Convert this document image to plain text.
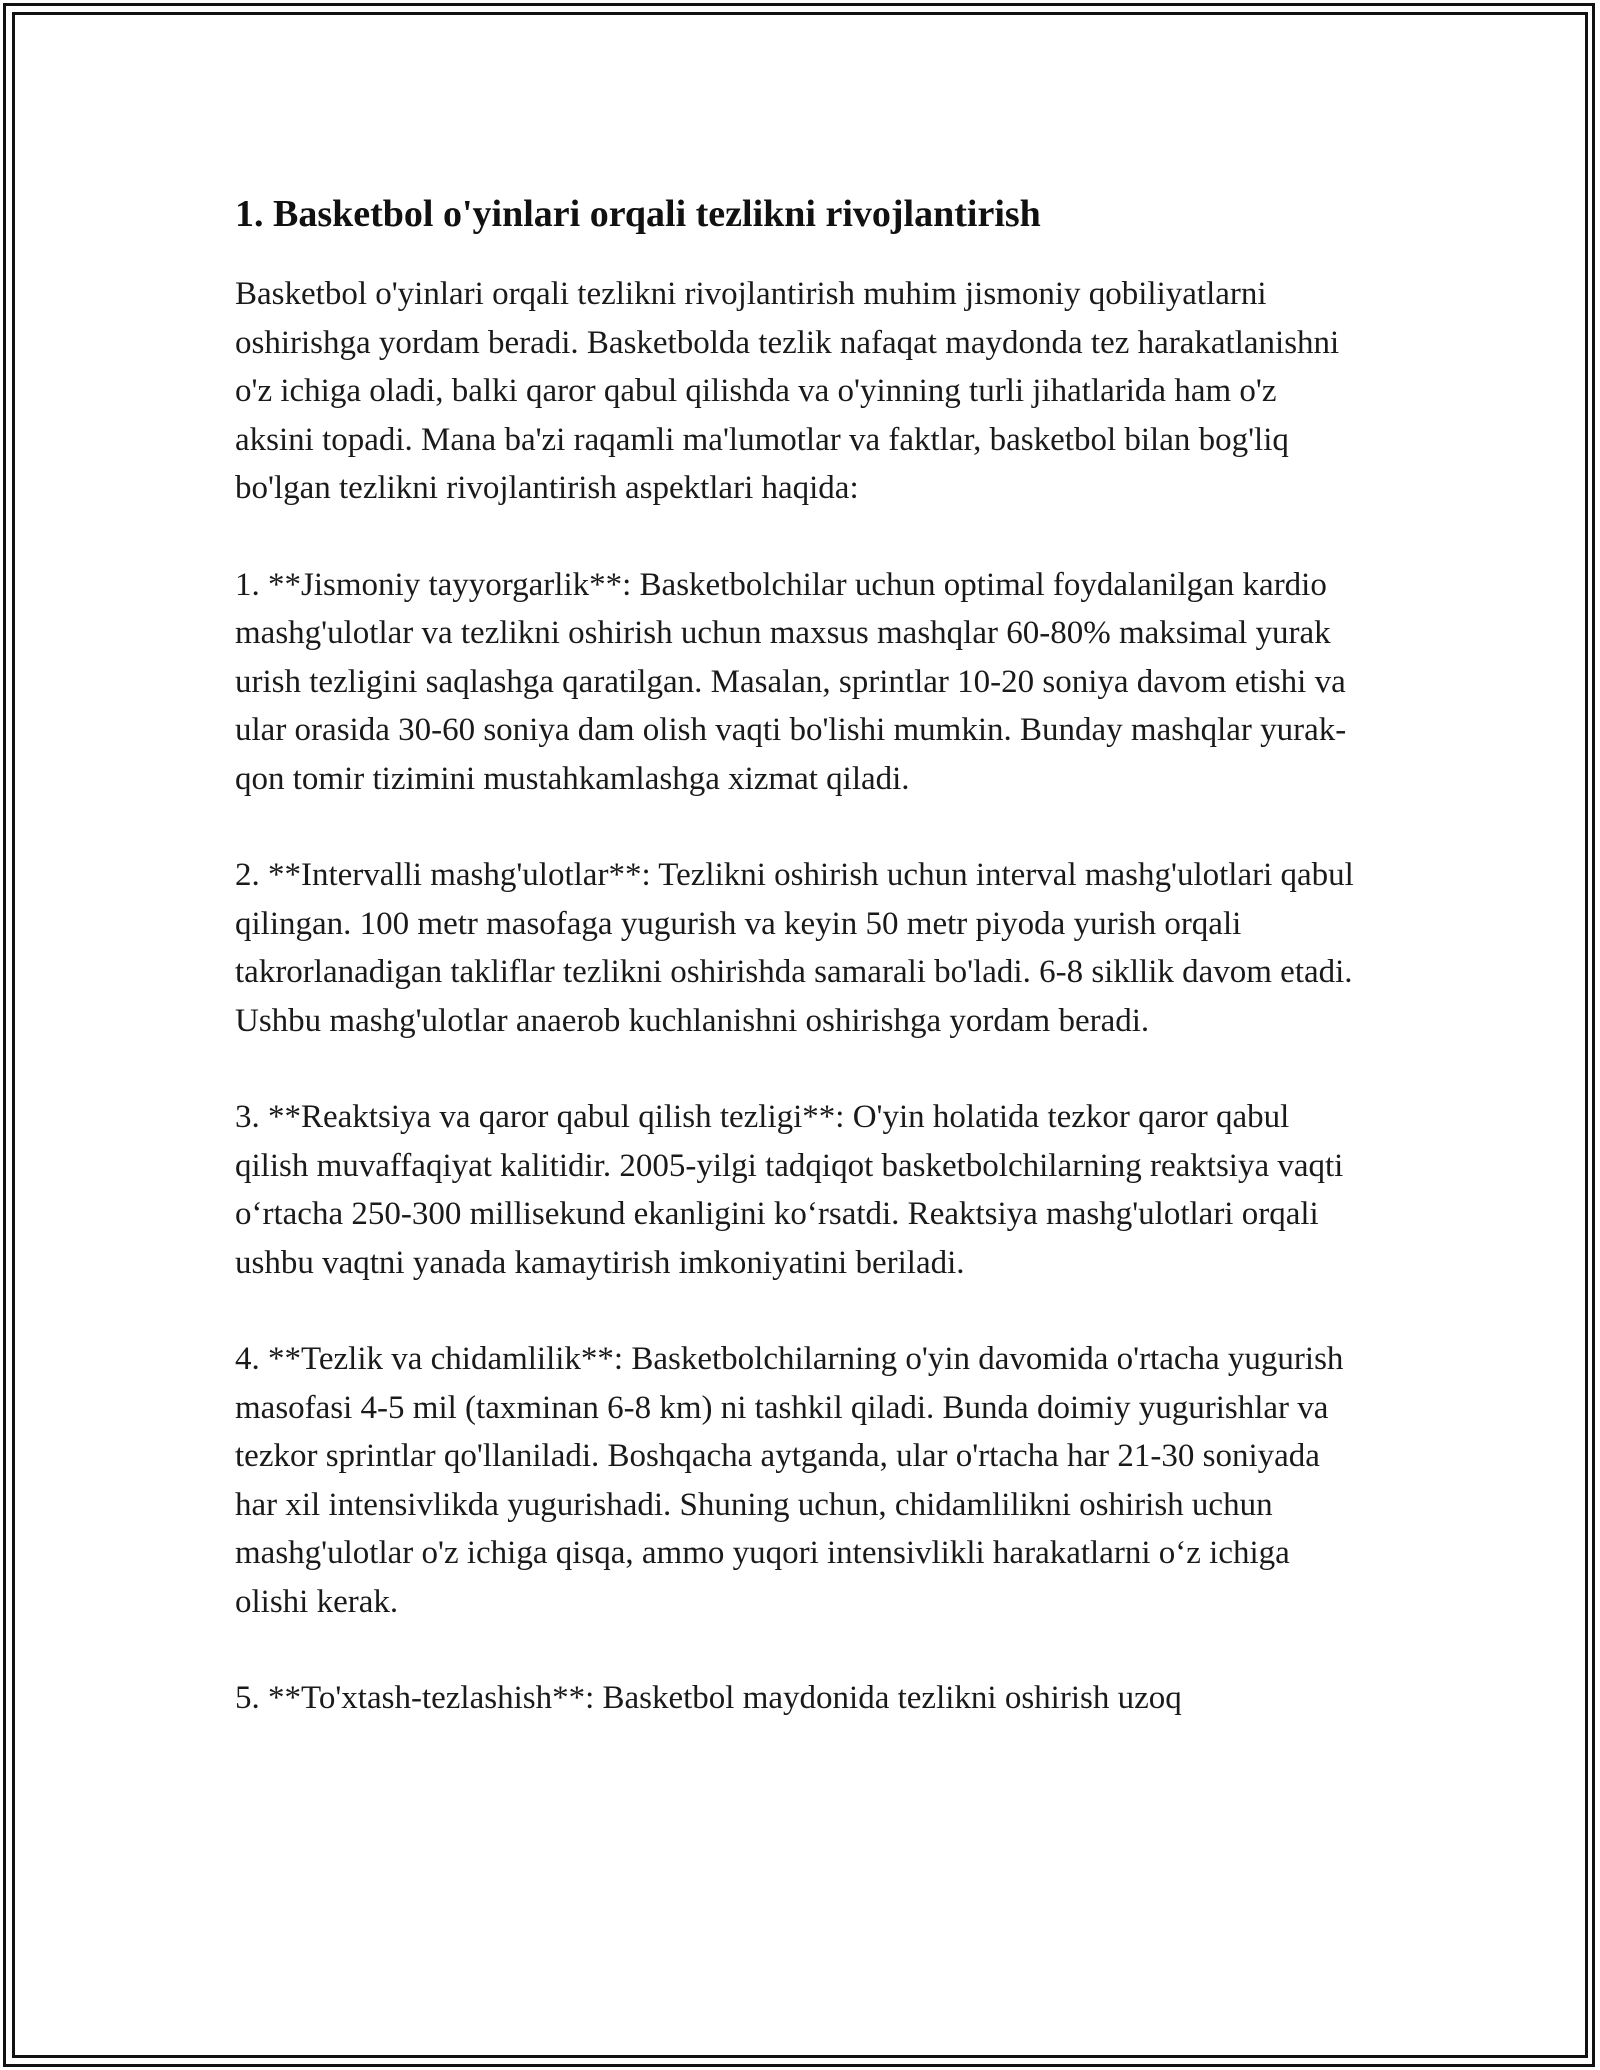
1. Basketbol o'yinlari orqali tezlikni rivojlantirish

Basketbol o'yinlari orqali tezlikni rivojlantirish muhim jismoniy qobiliyatlarni oshirishga yordam beradi. Basketbolda tezlik nafaqat maydonda tez harakatlanishni o'z ichiga oladi, balki qaror qabul qilishda va o'yinning turli jihatlarida ham o'z aksini topadi. Mana ba'zi raqamli ma'lumotlar va faktlar, basketbol bilan bog'liq bo'lgan tezlikni rivojlantirish aspektlari haqida:

1. **Jismoniy tayyorgarlik**: Basketbolchilar uchun optimal foydalanilgan kardio mashg'ulotlar va tezlikni oshirish uchun maxsus mashqlar 60-80% maksimal yurak urish tezligini saqlashga qaratilgan. Masalan, sprintlar 10-20 soniya davom etishi va ular orasida 30-60 soniya dam olish vaqti bo'lishi mumkin. Bunday mashqlar yurak-qon tomir tizimini mustahkamlashga xizmat qiladi.

2. **Intervalli mashg'ulotlar**: Tezlikni oshirish uchun interval mashg'ulotlari qabul qilingan. 100 metr masofaga yugurish va keyin 50 metr piyoda yurish orqali takrorlanadigan takliflar tezlikni oshirishda samarali bo'ladi. 6-8 sikllik davom etadi. Ushbu mashg'ulotlar anaerob kuchlanishni oshirishga yordam beradi.

3. **Reaktsiya va qaror qabul qilish tezligi**: O'yin holatida tezkor qaror qabul qilish muvaffaqiyat kalitidir. 2005-yilgi tadqiqot basketbolchilarning reaktsiya vaqti oʻrtacha 250-300 millisekund ekanligini koʻrsatdi. Reaktsiya mashg'ulotlari orqali ushbu vaqtni yanada kamaytirish imkoniyatini beriladi.

4. **Tezlik va chidamlilik**: Basketbolchilarning o'yin davomida o'rtacha yugurish masofasi 4-5 mil (taxminan 6-8 km) ni tashkil qiladi. Bunda doimiy yugurishlar va tezkor sprintlar qo'llaniladi. Boshqacha aytganda, ular o'rtacha har 21-30 soniyada har xil intensivlikda yugurishadi. Shuning uchun, chidamlilikni oshirish uchun mashg'ulotlar o'z ichiga qisqa, ammo yuqori intensivlikli harakatlarni oʻz ichiga olishi kerak.

5. **To'xtash-tezlashish**: Basketbol maydonida tezlikni oshirish uzoq
